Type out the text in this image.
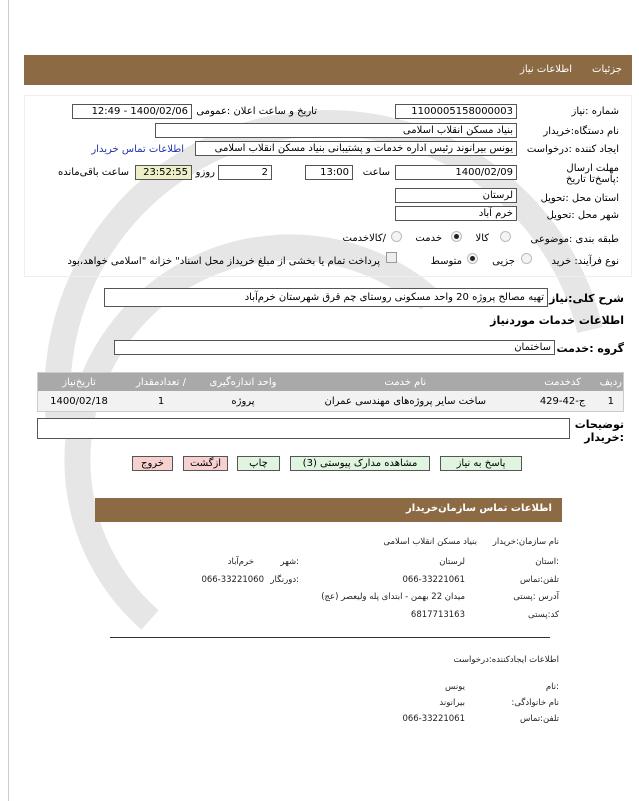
جزئیات
اطلاعات نیاز
شماره :نیاز
1100005158000003
تاریخ و ساعت اعلان :عمومی
1400/02/06 - 12:49
نام دستگاه:خریدار
بنیاد مسکن انقلاب اسلامی
ایجاد کننده :درخواست
یونس بیرانوند رئیس اداره خدمات و پشتیبانی بنیاد مسکن انقلاب اسلامی
اطلاعات تماس خریدار
مهلت ارسال :پاسخ‌تا تاریخ
1400/02/09
ساعت
13:00
2
روزو
23:52:55
ساعت باقی‌مانده
استان محل :تحویل
لرستان
شهر محل :تحویل
خرم آباد
طبقه بندی :موضوعی
کالا
خدمت
/کالاخدمت
نوع فرآیند: خرید
جزیی
متوسط
پرداخت تمام یا بخشی از مبلغ خریداز محل اسناد" خزانه "اسلامی خواهد،بود
شرح کلی:نیاز
تهیه مصالح پروژه 20 واحد مسکونی روستای چم قرق شهرستان خرم‌آباد
اطلاعات خدمات موردنیاز
گروه :خدمت
ساختمان
ردیف	کدخدمت	نام خدمت	واحد اندازه‌گیری	/ تعدادمقدار	تاریخ‌نیاز
1	ج-42-429	ساخت سایر پروژه‌های مهندسی عمران	پروژه	1	1400/02/18
توضیحات :خریدار
پاسخ به نیاز
مشاهده مدارک پیوستی (3)
چاپ
ازگشت
خروج
اطلاعات تماس سازمان‌خریدار
نام سازمان:خریدار
بنیاد مسکن انقلاب اسلامی
:استان
لرستان
:شهر
خرم‌آباد
تلفن:تماس
066-33221061
:دورنگار
066-33221060
آدرس :پستی
میدان 22 بهمن - ابتدای پله ولیعصر (عج)
کد:پستی
6817713163
اطلاعات ایجادکننده:درخواست
:نام
یونس
نام خانوادگی:
بیرانوند
تلفن:تماس
066-33221061
